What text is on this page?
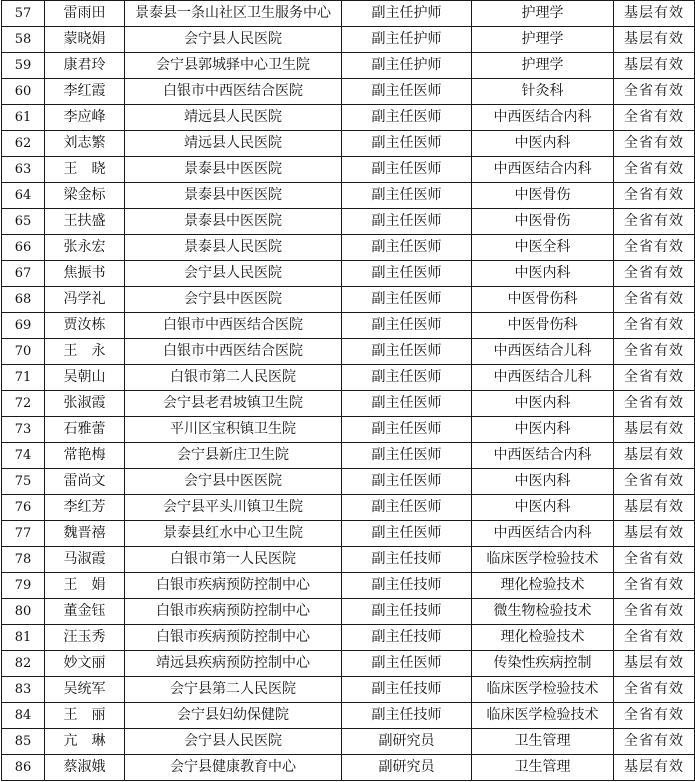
57	雷雨田	景泰县一条山社区卫生服务中心	副主任护师	护理学	基层有效
58	蒙晓娟	会宁县人民医院	副主任护师	护理学	基层有效
59	康君玲	会宁县郭城驿中心卫生院	副主任护师	护理学	基层有效
60	李红霞	白银市中西医结合医院	副主任医师	针灸科	全省有效
61	李应峰	靖远县人民医院	副主任医师	中西医结合内科	全省有效
62	刘志繁	靖远县人民医院	副主任医师	中医内科	全省有效
63	王　晓	景泰县中医医院	副主任医师	中西医结合内科	全省有效
64	梁金标	景泰县中医医院	副主任医师	中医骨伤	全省有效
65	王扶盛	景泰县中医医院	副主任医师	中医骨伤	全省有效
66	张永宏	景泰县人民医院	副主任医师	中医全科	全省有效
67	焦振书	会宁县人民医院	副主任医师	中医内科	全省有效
68	冯学礼	会宁县中医医院	副主任医师	中医骨伤科	全省有效
69	贾汝栋	白银市中西医结合医院	副主任医师	中医骨伤科	全省有效
70	王　永	白银市中西医结合医院	副主任医师	中西医结合儿科	全省有效
71	吴朝山	白银市第二人民医院	副主任医师	中西医结合儿科	全省有效
72	张淑霞	会宁县老君坡镇卫生院	副主任医师	中医内科	全省有效
73	石雅蕾	平川区宝积镇卫生院	副主任医师	中医内科	基层有效
74	常艳梅	会宁县新庄卫生院	副主任医师	中西医结合内科	基层有效
75	雷尚文	会宁县中医医院	副主任医师	中医内科	全省有效
76	李红芳	会宁县平头川镇卫生院	副主任医师	中医内科	基层有效
77	魏晋禧	景泰县红水中心卫生院	副主任医师	中西医结合内科	基层有效
78	马淑霞	白银市第一人民医院	副主任技师	临床医学检验技术	全省有效
79	王　娟	白银市疾病预防控制中心	副主任技师	理化检验技术	全省有效
80	董金钰	白银市疾病预防控制中心	副主任技师	微生物检验技术	全省有效
81	汪玉秀	白银市疾病预防控制中心	副主任技师	理化检验技术	全省有效
82	妙文丽	靖远县疾病预防控制中心	副主任医师	传染性疾病控制	基层有效
83	吴统军	会宁县第二人民医院	副主任技师	临床医学检验技术	全省有效
84	王　丽	会宁县妇幼保健院	副主任技师	临床医学检验技术	全省有效
85	亢　琳	会宁县人民医院	副研究员	卫生管理	全省有效
86	蔡淑娥	会宁县健康教育中心	副研究员	卫生管理	基层有效
